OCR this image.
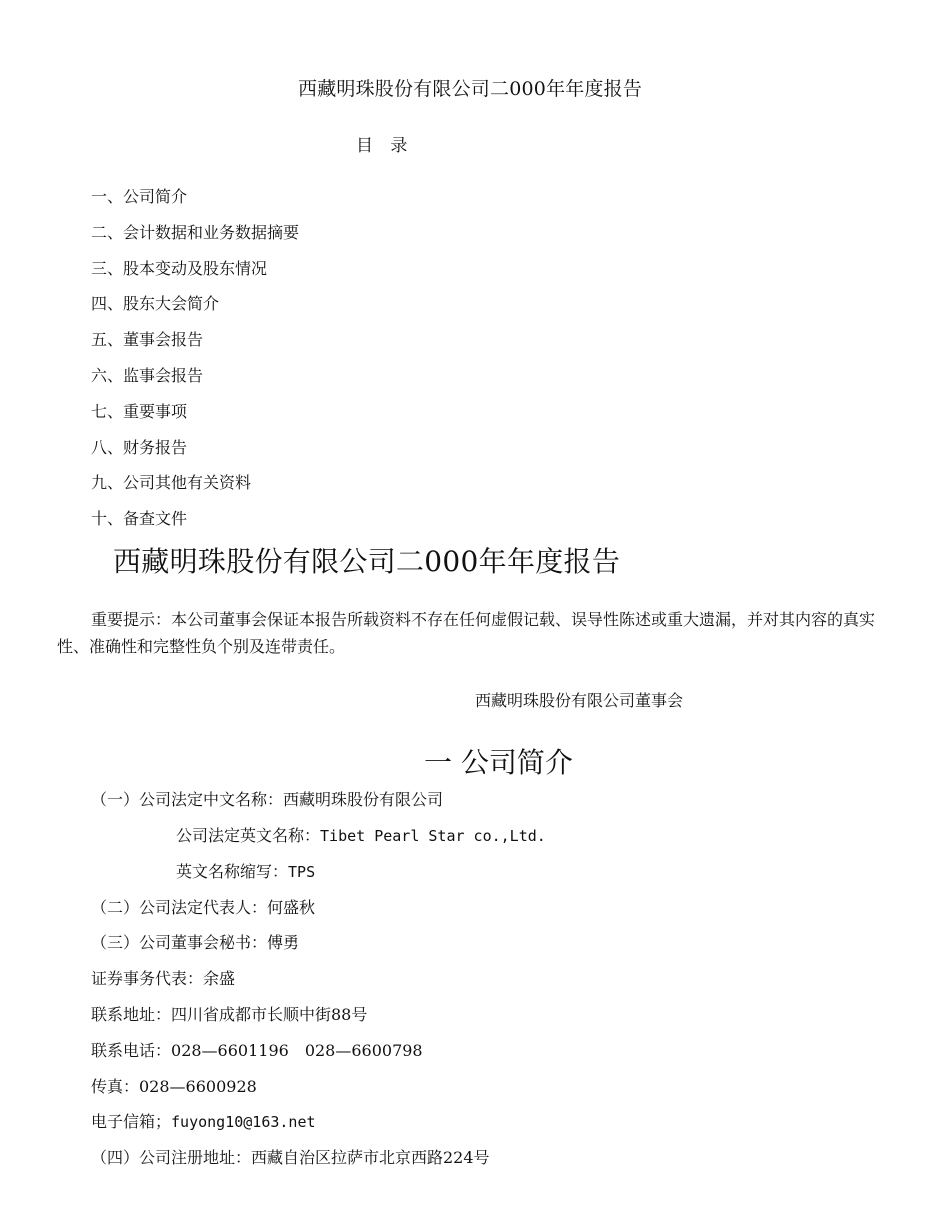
西藏明珠股份有限公司二000年年度报告
目 录
一、公司简介
二、会计数据和业务数据摘要
三、股本变动及股东情况
四、股东大会简介
五、董事会报告
六、监事会报告
七、重要事项
八、财务报告
九、公司其他有关资料
十、备查文件
西藏明珠股份有限公司二000年年度报告
重要提示：本公司董事会保证本报告所载资料不存在任何虚假记载、误导性陈述或重大遗漏，并对其内容的真实性、准确性和完整性负个别及连带责任。
西藏明珠股份有限公司董事会
一 公司简介
（一）公司法定中文名称：西藏明珠股份有限公司
公司法定英文名称：Tibet Pearl Star co.,Ltd.
英文名称缩写：TPS
（二）公司法定代表人：何盛秋
（三）公司董事会秘书：傅勇
证券事务代表：余盛
联系地址：四川省成都市长顺中街88号
联系电话：028—6601196　028—6600798
传真：028—6600928
电子信箱；fuyong10@163.net
（四）公司注册地址：西藏自治区拉萨市北京西路224号
